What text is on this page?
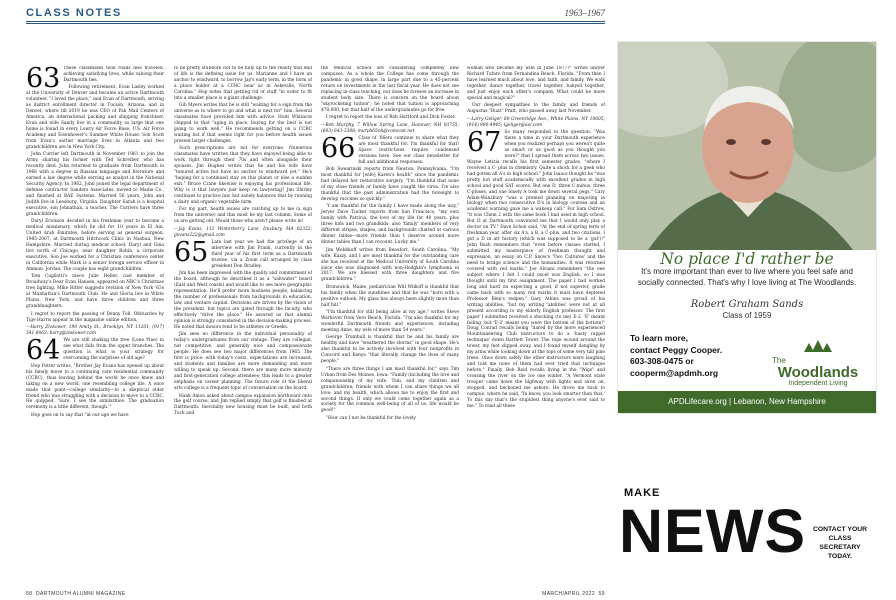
CLASS NOTES	1963–1967

63 These classmates took roads less traveled, achieving satisfying lives, while valuing their Dartmouth ties.

Following retirement, Evan Lasley worked at the University of Denver and became an active Dartmouth volunteer. "I loved the place," said Evan of Dartmouth, serving as district enrollment director in Tucson, Arizona, and in Denver, where till 2019 he was CEO of Pak Mail Centers of America, an international packing and shipping franchiser. Evan and wife Sandy live in a community so large that one home is found in every Lowry Air Force Base, U.S. Air Force Academy and Eisenhower's Summer White House. Son Scott from Evan's earlier marriage lives in Atlanta and two grandchildren are in New York City.

John Currier left Dartmouth in November 1961 to join the Army, sharing his former with Ted Schreiber, who has recently died. John returned to graduate from Dartmouth in 1966 with a degree in Russian language and literature and earned a law degree while serving as analyst in the National Security Agency. In 1982, John joined the legal department of defense contractor Sanders Associates, moved to Maine Co., and finished at BAE Systems. Married 56 years, John and Judith live in Leesburg, Virginia. Daughter Sarah is a hospital executive, son Johnathan, a teacher. The Curriers have three grandchildren.

Daryl Erickson decided in his freshman year to become a medical missionary, which he did for 10 years in El Ain, United Arab Emirates, before serving as general surgeon, 1985-2007, at Dartmouth Hitchcock Clinic in Nashua, New Hampshire. Married during medical school, Daryl and Gina live north of Chicago, near daughter Robin, a corporate executive. Son Joe worked for a Christian conference center in California while Mark is a senior foreign service officer in Amman, Jordan. The couple has eight grandchildren.

Tom Cagliotti's niece Julie Heller, cast member of Broadway's Dear Evan Hansen, appeared on NBC's Christmas tree lighting. Mike Ritter suggests revision of New York '63s at Manhattan's Dartmouth Club. He and Gloria live in White Plains, New York, and have three children and three granddaughters.

I regret to report the passing of Denny Toll. Obituaries by Tige Harris appear in the magazine online edition.

—Harry Zlokower, 190 Amity St., Brooklyn, NY 11201; (917) 541-8063; harry@zlokower.com

64 We are still shaking the tree (Lone Pine) to see what falls from the upper branches. The question is what is your strategy for overcoming the surprises of old age?

Hop Potter writes, "Brother Jay Evans has opened up about his timely move to a continuing care residential community (CCRC), thus leaving behind the world he once knew and taking on a new world, one resembling college life. A once made that point—college similarity—to a skeptical older friend who was struggling with a decision to move to a CCRC. He quipped, 'Sure, I see the similarities. The graduation ceremony is a little different, though.'"

Hop goes on to say that "at our age we have

to be pretty stubborn not to be fully up to the reality that end of life is the defining issue for us. Marianne and I have an anchor to windward, to borrow Jay's early term, in the form of a place holder at a CCRC near us in Asheville, North Carolina." Hop notes that getting rid of stuff "in order to fit into a smaller place is a giant challenge.

Gib Myers writes that he is still "waiting for a sign from the universe as to where to go and what is next for" him. Several classmates have provided him with advice. Hunt Whitacre chipped in that "aging in place, buying for the best is not going to work well." He recommends getting on a CCRC waiting list if that seems right for you before health issues present larger challenges.

Such prescriptions are not for everyone. Numerous classmates have written that they have enjoyed being able to work right through their 70s and often alongside their spouses. Jim Hughes writes that he and his wife have "tenured active but have no anchor to windward yet." He's "hoping for a continued stay on this planet or else a sudden exit." Bruce Crane likewise is enjoying his professional life. Why is it that lawyers just keep on lawyering? Jim Shirley continues to practice law, but sanely balances that by running a dairy and organic vegetable farm.

For my part, health issues are catching up to me (a sign from the universe) and this must be my last column. Some of us are getting old. Would those who aren't please write in!

—Jay Evans, 112 Winterberry Lane, Duxbury, MA 02332; jjevans222@gmail.com

65 Late last year we had the privilege of an interview with Jim Frank, currently in the third year of his first term as a Dartmouth trustee, via a Zoom call arranged by class president Don Bradley.

Jim has been impressed with the quality and commitment of the board, although he described it as a "saltwater" board (East and West coasts) and would like to see more geographic representation. He'll prefer more business people, balancing the number of professionals from backgrounds in education, law, and venture capital. Decisions are driven by the vision of the president, but topics are gated through the faculty, who effectively "drive the place." He assured us that alumni opinion is strongly considered in the decision-making process. He noted that donors tend to be athletes or Greeks.

Jim sees no difference in the individual personality of today's undergraduates from our vintage. They are collegial, not competitive, and generally nice and compassionate people. He does see two major differences from 1965. The first is price: with today's costs, expectations are increased, and students and families are more demanding and more willing to speak up. Second, there are many more minority and first-generation college attendees; this leads to a greater emphasis on career planning. The future role of the liberal arts college is a frequent topic of conversation on the board.

Hank Amon asked about campus expansion northward onto the golf course, and Jim replied simply that golf is finished at Dartmouth. Inevitably new housing must be built, and both Tuck and

the Medical School are considering completely new campuses. As a whole the College has come through the pandemic in good shape, in large part due to a 45-percent return on investments in the last fiscal year. He does not see replacing in-class teaching, nor does he foresee an increase in student body size. There is concern on the board about "skyrocketing tuition"; he noted that tuition is approaching $70,000, but that half of the undergraduates go for free.

I regret to report the loss of Rob Hartford and Dick Foster.

—Bob Murphy, 7 Willow Spring Lane, Hanover, NH 03755; (603) 643-3388; murph65nh@comcast.net

66 Class of '66ers continue to share what they are most thankful for. I'm thankful for that! Space restrictions require condensed versions here. See our class newsletter for full and additional responses.

Bob Swearinski reports from Newton, Pennsylvania, "I'm most thankful for [wife] Karen's health" since the pandemic had delayed her restorative surgery. "I'm thankful that none of my close friends or family have caught the virus. I'm also thankful that the past administration had the foresight to develop vaccines so quickly."

"I am thankful for the family I have made along the way," Jeryer Dave Tucker reports from San Francisco, "my own family with Patricia, the love of my life for 40 years, plus three kids and two grandkids; also 'family' members of very different stripes, shapes, and backgrounds chatted at various dinner tables—more friends than I deserve around more dinner tables than I can recount. Lucky me."

Jim Webbkoff writes from Beaufort, South Carolina, "My wife, Kazzy, and I are most thankful for the outstanding care she has received at the Medical University of South Carolina since she was diagnosed with non-Hodgkin's lymphoma in 2017. We are blessed with three daughters and five grandchildren."

Brunswick, Maine, pediatrician Will Wilkoff is thankful that his family when the sunshines and that he was "born with a positive outlook. My glass has always been slightly more than half full."

"I'm thankful for still being alive at my age," writes Steve Warhover from Vero Beach, Florida. "I'm also thankful for my wonderful Dartmouth friends and experiences, including meeting Anne, my wife of more than 54 years."

George Trumbull is thankful that he and his family are healthy and have "weathered the storms" in good shape. He's also thankful to be actively involved with four nonprofits in Concord and Kenya "that literally change the lives of many people."

"There are three things I am most thankful for," says Tim Urban from Des Moines, Iowa: "Family (including the love and companionship of my wife, Toni, and my children and grandchildren; friends with whom I can share things we all love; and my health, which allows me to enjoy the first and second things. If only we could come together again as a society for the common well-being of all of us, life would be good!"

"How can I not be thankful for the lovely

woman who became my wife in June 1977?" writes lawyer Richard Tufaro from Fernandina Beach, Florida. "From then I have learned much about love, and faith, and family. We walk together, dance together, travel together, babysit together, and just enjoy each other's company. What could be more special and magical?"

Our deepest sympathies to the family and friends of Augustus "Buzz" Pratt, who passed away last November.

—Larry Geliger, 80 Greenridge Ave., White Plains, NY 10605; (914) 980-4945; lgeliger@aol.com

67 So many responded to the question, "Was there a time in your Dartmouth experience when you realized perhaps you weren't quite as smart or as good as you thought you were?" that I spread them across two issues. Wayne Letizia recalls his first semester grades, "where I received a C- plus in chemistry. Quite a shock for a geek who had gotten all A's in high school." John Isaacs thought he "was pretty hot stuff academically with excellent grades in high school and good SAT scores. But one D, three C-minus, three C-pluses, and one lonely A took me down several pegs." Cary Adam-Wanzbury "was a premed planning on majoring in biology when two consecutive D's in biology courses and an academic warning gave me a wakeup call." For Sam Ostrow, "it was Chem 2 with the same book I had used in high school. But D at Dartmouth convinced me that I would only play a doctor on TV." Dave Schon said, "At the end of spring term of freshman year, after six A's, a B, a C-plus, and two citations, I got a D in art history (which was supposed to be a 'gut')!" John Bush remembers that "even before classes started, I submitted my masterpiece of freshman thought and expression, an essay on C.P. Snow's 'Two Cultures' and the need to bridge science and the humanities. It was returned covered with red marks." Joe Alviani remembers "the one subject where I felt I could excel was English, so I was thought until my first assignment. The paper I had worked long and hard on expecting a good, if not superior, grade came back with so many red marks it must have depleted Professor Bien's redpen." Gary Atkins was proud of his writing abilities, "but my writing 'abilities' were not at all present according to my elderly English professor. The first paper I submitted received a shocking (to me) E-2. 'E' meant failing, but 'E-2' meant you were the bottom of the bottom!" Doug Conrad recalls being "dared by the more experienced Mountaineering Club instructors to do a 'hasty rappel technique' down Bartlett Tower. The rope wound around the tower, my feet slipped away, and I found myself dangling by my arms while looking down at the tops of some very tall pine trees. Once down safely the other instructors were laughing and told me none of them had ever tried that technique before." Finally, Bob Reid recalls living in the "Wigs" and crossing the river on the ice one winter. "A Vermont state trooper came down the highway with lights and siren on, stopped, and beckoned me ashore. He drove me back to campus, where he said, 'Ya know, you look smarter than that.' To this day that's the stupidest thing anyone's ever said to me." To read all these

58 DARTMOUTH ALUMNI MAGAZINE	MARCH/APRIL 2022 59
No place I'd rather be
It's more important than ever to live where you feel safe and socially connected. That's why I love living at The Woodlands.
Robert Graham Sands
Class of 1959
To learn more,
contact Peggy Cooper.
603-308-0475 or
cooperm@apdmh.org
The
Woodlands
Independent Living
APDLifecare.org | Lebanon, New Hampshire
MAKE
NEWS	CONTACT YOUR
CLASS
SECRETARY
TODAY.
